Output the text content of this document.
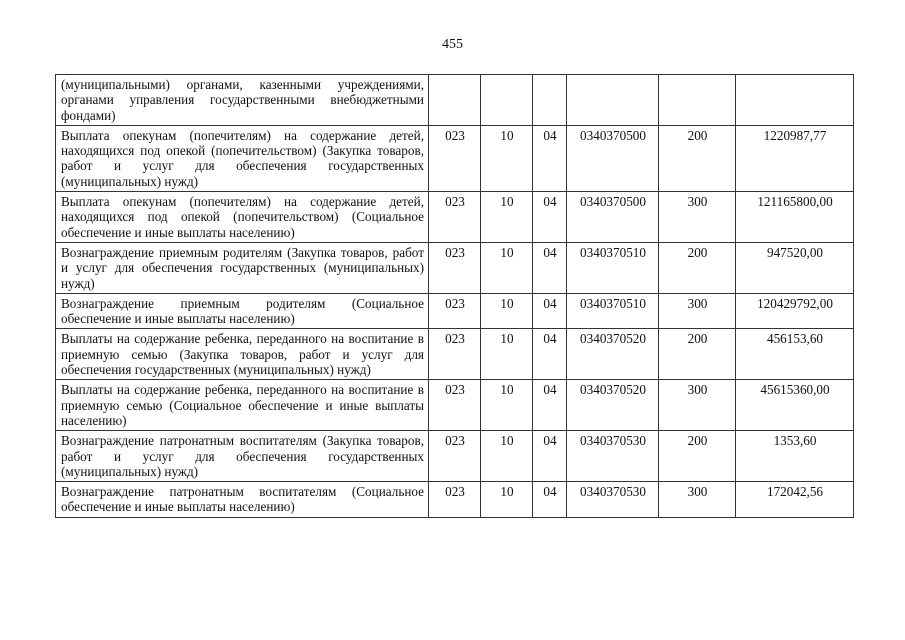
455
(муниципальными) органами, казенными учреждениями, органами управления государственными внебюджетными фондами)						
Выплата опекунам (попечителям) на содержание детей, находящихся под опекой (попечительством) (Закупка товаров, работ и услуг для обеспечения государственных (муниципальных) нужд)	023	10	04	0340370500	200	1220987,77
Выплата опекунам (попечителям) на содержание детей, находящихся под опекой (попечительством) (Социальное обеспечение и иные выплаты населению)	023	10	04	0340370500	300	121165800,00
Вознаграждение приемным родителям (Закупка товаров, работ и услуг для обеспечения государственных (муниципальных) нужд)	023	10	04	0340370510	200	947520,00
Вознаграждение приемным родителям (Социальное обеспечение и иные выплаты населению)	023	10	04	0340370510	300	120429792,00
Выплаты на содержание ребенка, переданного на воспитание в приемную семью (Закупка товаров, работ и услуг для обеспечения государственных (муниципальных) нужд)	023	10	04	0340370520	200	456153,60
Выплаты на содержание ребенка, переданного на воспитание в приемную семью (Социальное обеспечение и иные выплаты населению)	023	10	04	0340370520	300	45615360,00
Вознаграждение патронатным воспитателям (Закупка товаров, работ и услуг для обеспечения государственных (муниципальных) нужд)	023	10	04	0340370530	200	1353,60
Вознаграждение патронатным воспитателям (Социальное обеспечение и иные выплаты населению)	023	10	04	0340370530	300	172042,56
